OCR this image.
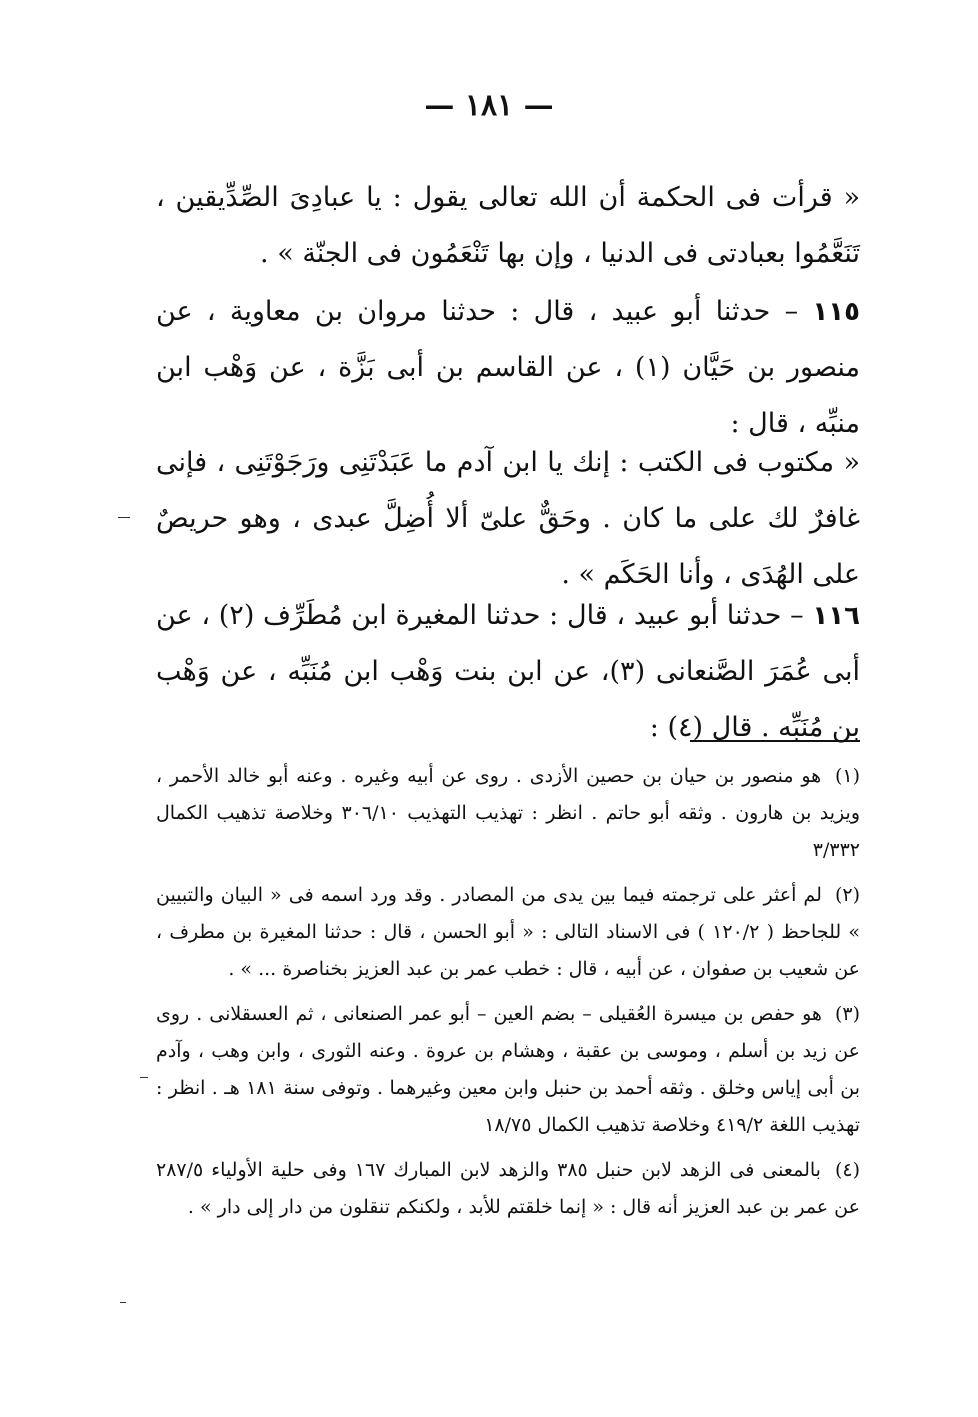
— ١٨١ —
« قرأت فى الحكمة أن الله تعالى يقول : يا عبادِىَ الصِّدِّيقين ، تَنَعَّمُوا بعبادتى فى الدنيا ، وإن بها تَنْعَمُون فى الجنّة » .
١١٥ – حدثنا أبو عبيد ، قال : حدثنا مروان بن معاوية ، عن منصور بن حَيَّان (١) ، عن القاسم بن أبى بَزَّة ، عن وَهْب ابن منبِّه ، قال :
« مكتوب فى الكتب : إنك يا ابن آدم ما عَبَدْتَنِى ورَجَوْتَنِى ، فإنى غافرٌ لك على ما كان . وحَقٌّ علىّ ألا أُضِلَّ عبدى ، وهو حريصٌ على الهُدَى ، وأنا الحَكَم » .
١١٦ – حدثنا أبو عبيد ، قال : حدثنا المغيرة ابن مُطَرِّف (٢) ، عن أبى عُمَرَ الصَّنعانى (٣)، عن ابن بنت وَهْب ابن مُنَبِّه ، عن وَهْب بن مُنَبِّه . قال (٤) :
(١) هو منصور بن حيان بن حصين الأزدى . روى عن أبيه وغيره . وعنه أبو خالد الأحمر ، ويزيد بن هارون . وثقه أبو حاتم . انظر : تهذيب التهذيب ٣٠٦/١٠ وخلاصة تذهيب الكمال ٣/٣٣٢
(٢) لم أعثر على ترجمته فيما بين يدى من المصادر . وقد ورد اسمه فى « البيان والتبيين » للجاحظ ( ١٢٠/٢ ) فى الاسناد التالى : « أبو الحسن ، قال : حدثنا المغيرة بن مطرف ، عن شعيب بن صفوان ، عن أبيه ، قال : خطب عمر بن عبد العزيز بخناصرة ... » .
(٣) هو حفص بن ميسرة العُقيلى – بضم العين – أبو عمر الصنعانى ، ثم العسقلانى . روى عن زيد بن أسلم ، وموسى بن عقبة ، وهشام بن عروة . وعنه الثورى ، وابن وهب ، وآدم بن أبى إياس وخلق . وثقه أحمد بن حنبل وابن معين وغيرهما . وتوفى سنة ١٨١ هـ . انظر : تهذيب اللغة ٤١٩/٢ وخلاصة تذهيب الكمال ١٨/٧٥
(٤) بالمعنى فى الزهد لابن حنبل ٣٨٥ والزهد لابن المبارك ١٦٧ وفى حلية الأولياء ٢٨٧/٥ عن عمر بن عبد العزيز أنه قال : « إنما خلقتم للأبد ، ولكنكم تنقلون من دار إلى دار » .
